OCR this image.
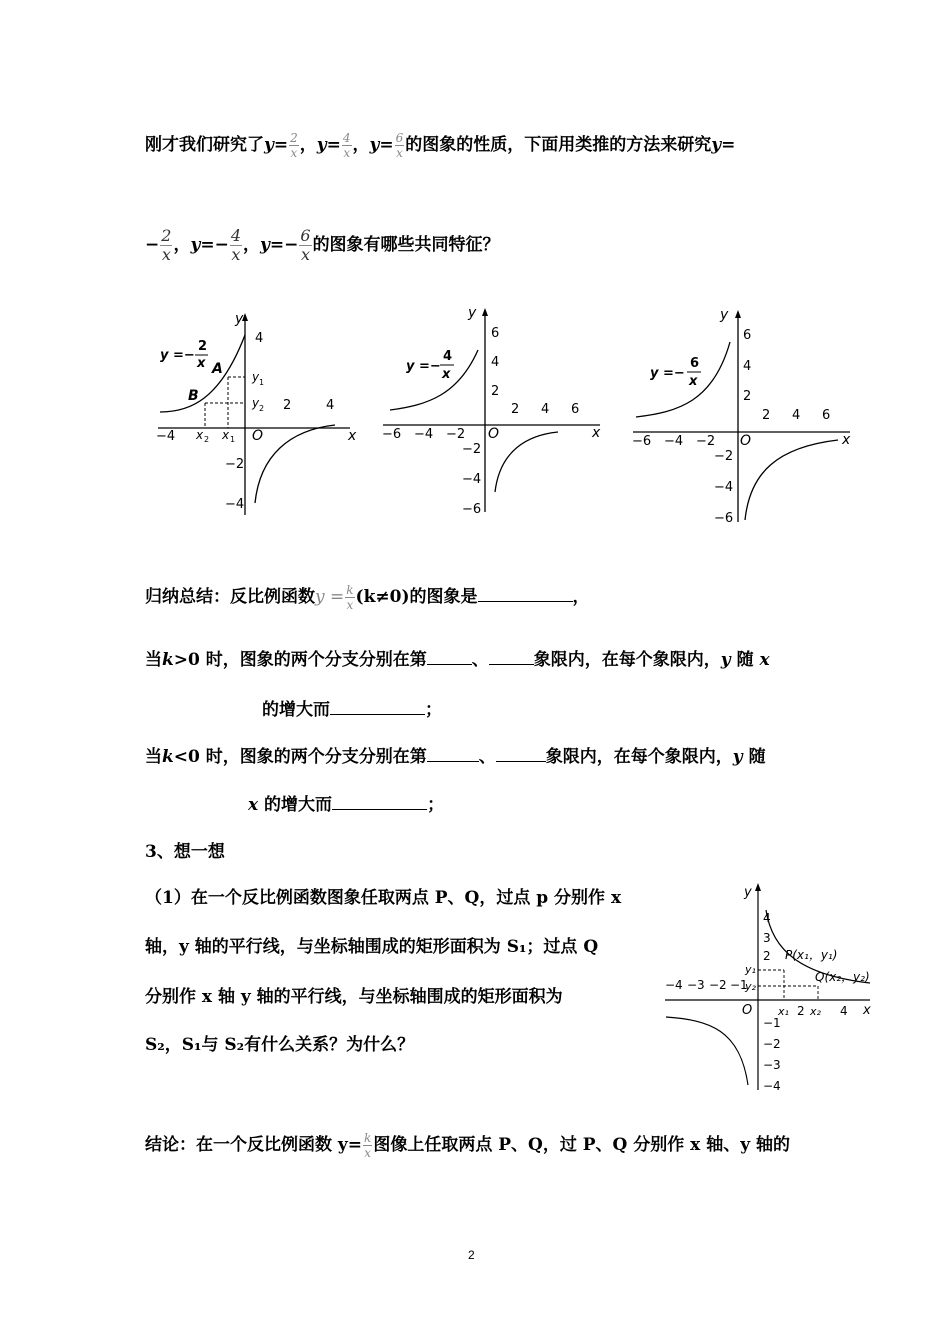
刚才我们研究了$y= \frac{2}{x}$ ，$y= \frac{4}{x}$ ，$y= \frac{6}{x}$ 的图象的性质，下面用类推的方法来研究y=
− $\frac{2}{x}$ ，$y=- \frac{4}{x}$ ，$y=- \frac{6}{x}$ 的图象有哪些共同特征？
y
x
O
y =−
2
x A
B
y 1
y 2
x 2 x 1
−4
2	4
4
−2
−4
y
x
O
y =−
4
x
−6 −4 −2
2 4 6
6
4
2
−2
−4
−6
y
x
O
y =−
6
x
−6 −4 −2
2 4 6
6
4
2
−2
−4
−6
归纳总结：反比例函数$y = \frac{k}{x} (k\ne 0)$的图象是	，
当k>0 时，图象的两个分支分别在第	、	象限内，在每个象限内，y 随 x
的增大而	；
当k<0 时，图象的两个分支分别在第	、	象限内，在每个象限内，y 随
x 的增大而	；
3、想一想
（1）在一个反比例函数图象任取两点 P、Q，过点 p 分别作 x
轴，y 轴的平行线，与坐标轴围成的矩形面积为 S₁；过点 Q
分别作 x 轴 y 轴的平行线，与坐标轴围成的矩形面积为
S₂，S₁与 S₂有什么关系？为什么？
y
x
O
P(x₁，y₁)
Q(x₂，y₂)
y₁
y₂
x₁ x₂
−4 −3 −2 −1
2	4
4
3
2
−1
−2
−3
−4
结论：在一个反比例函数 $y= \frac{k}{x}$ 图像上任取两点 P、Q，过 P、Q 分别作 x 轴、y 轴的
2
